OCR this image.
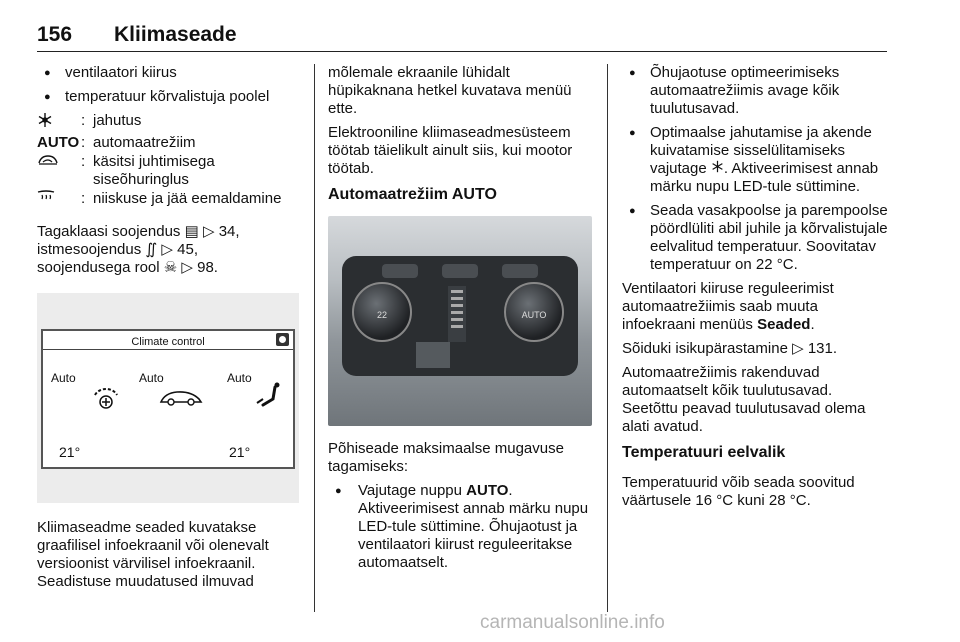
156 Kliimaseade
● ventilaatori kiirus
● temperatuur kõrvalistuja poolel
: jahutus
AUTO : automaatrežiim
: käsitsi juhtimisega siseõhuringlus
: niiskuse ja jää eemaldamine

Tagaklaasi soojendus ▤ ▷ 34,
istmesoojendus ∬ ▷ 45,
soojendusega rool ☠ ▷ 98.

Climate control
Auto	Auto	Auto
21°	21°

Kliimaseadme seaded kuvatakse graafilisel infoekraanil või olenevalt versioonist värvilisel infoekraanil. Seadistuse muudatused ilmuvad

mõlemale ekraanile lühidalt hüpikaknana hetkel kuvatava menüü ette.

Elektrooniline kliimaseadmesüsteem töötab täielikult ainult siis, kui mootor töötab.

Automaatrežiim AUTO
22	AUTO

Põhiseade maksimaalse mugavuse tagamiseks:

● Vajutage nuppu AUTO. Aktiveerimisest annab märku nupu LED-tule süttimine. Õhujaotust ja ventilaatori kiirust reguleeritakse automaatselt.
● Õhujaotuse optimeerimiseks automaatrežiimis avage kõik tuulutusavad.
● Optimaalse jahutamise ja akende kuivatamise sisselülitamiseks vajutage . Aktiveerimisest annab märku nupu LED-tule süttimine.
● Seada vasakpoolse ja parempoolse pöördlüliti abil juhile ja kõrvalistujale eelvalitud temperatuur. Soovitatav temperatuur on 22 °C.

Ventilaatori kiiruse reguleerimist automaatrežiimis saab muuta infoekraani menüüs Seaded.

Sõiduki isikupärastamine ▷ 131.

Automaatrežiimis rakenduvad automaatselt kõik tuulutusavad. Seetõttu peavad tuulutusavad olema alati avatud.

Temperatuuri eelvalik

Temperatuurid võib seada soovitud väärtusele 16 °C kuni 28 °C.

carmanualsonline.info
